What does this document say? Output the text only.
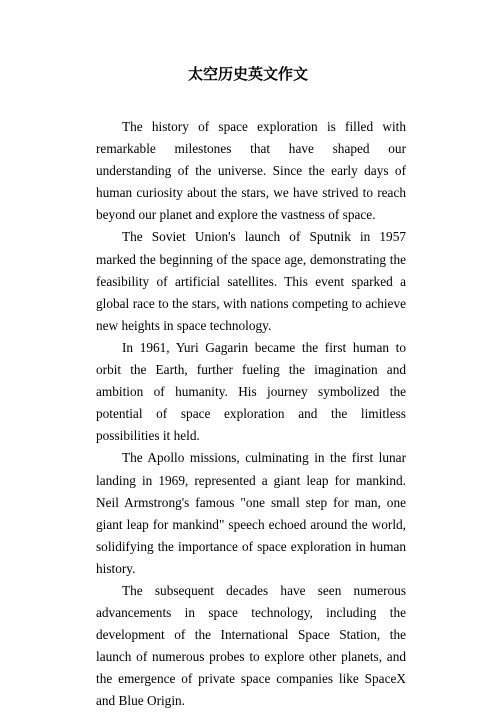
太空历史英文作文

The history of space exploration is filled with remarkable milestones that have shaped our understanding of the universe. Since the early days of human curiosity about the stars, we have strived to reach beyond our planet and explore the vastness of space.

The Soviet Union's launch of Sputnik in 1957 marked the beginning of the space age, demonstrating the feasibility of artificial satellites. This event sparked a global race to the stars, with nations competing to achieve new heights in space technology.

In 1961, Yuri Gagarin became the first human to orbit the Earth, further fueling the imagination and ambition of humanity. His journey symbolized the potential of space exploration and the limitless possibilities it held.

The Apollo missions, culminating in the first lunar landing in 1969, represented a giant leap for mankind. Neil Armstrong's famous "one small step for man, one giant leap for mankind" speech echoed around the world, solidifying the importance of space exploration in human history.

The subsequent decades have seen numerous advancements in space technology, including the development of the International Space Station, the launch of numerous probes to explore other planets, and the emergence of private space companies like SpaceX and Blue Origin.
